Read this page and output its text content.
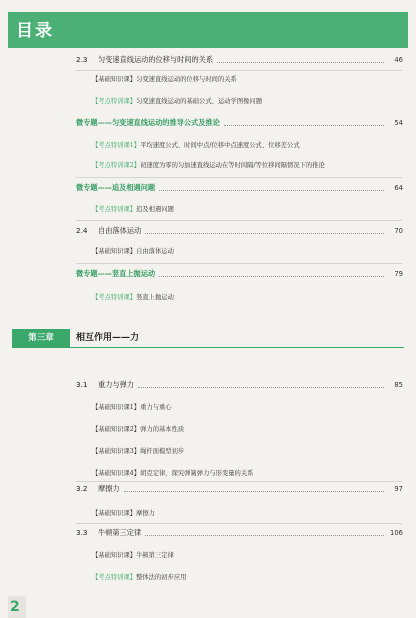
目录
2.3 匀变速直线运动的位移与时间的关系	46
【基础知识课】匀变速直线运动的位移与时间的关系
【考点特训课】匀变速直线运动的基础公式、运动学图像问题
微专题——匀变速直线运动的推导公式及推论	54
【考点特训课1】平均速度公式、时间中点/位移中点速度公式、位移差公式
【考点特训课2】初速度为零的匀加速直线运动在等时间隔/等位移间隔情况下的推论
微专题——追及相遇问题	64
【考点特训课】追及相遇问题
2.4 自由落体运动	70
【基础知识课】自由落体运动
微专题——竖直上抛运动	79
【考点特训课】竖直上抛运动
3.1 重力与弹力	85
【基础知识课1】重力与重心
【基础知识课2】弹力的基本性质
【基础知识课3】绳杆面模型初步
【基础知识课4】胡克定律、探究弹簧弹力与形变量的关系
3.2 摩擦力	97
【基础知识课】摩擦力
3.3 牛顿第三定律	106
【基础知识课】牛顿第三定律
【考点特训课】整体法的初步应用
第三章	相互作用——力
2
